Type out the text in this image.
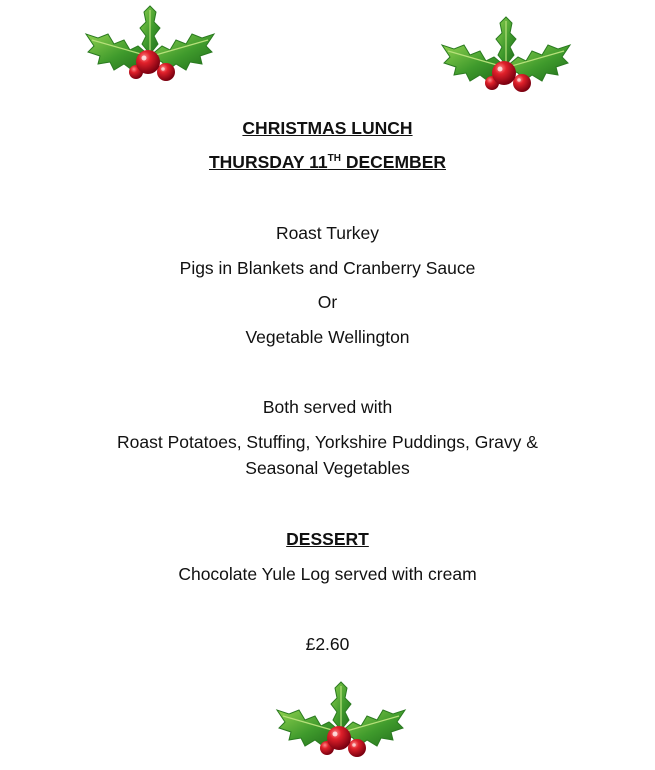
CHRISTMAS LUNCH
THURSDAY 11TH DECEMBER
Roast Turkey
Pigs in Blankets and Cranberry Sauce
Or
Vegetable Wellington
Both served with
Roast Potatoes, Stuffing, Yorkshire Puddings, Gravy &
Seasonal Vegetables
DESSERT
Chocolate Yule Log served with cream
£2.60
